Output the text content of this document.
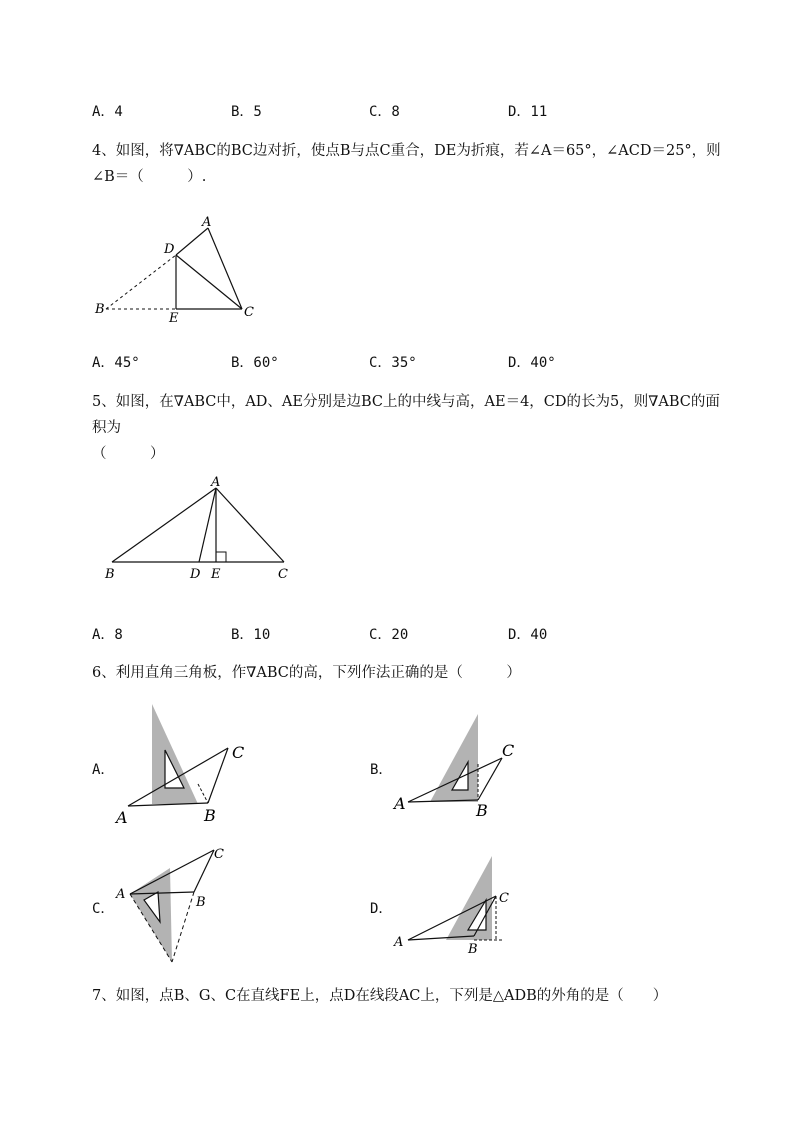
A．4	B．5	C．8	D．11
4、如图，将∇ABC的BC边对折，使点B与点C重合，DE为折痕，若∠A＝65°，∠ACD＝25°，则
∠B＝（　　　）.
A
D
B
E	C
A．45°	B．60°	C．35°	D．40°
5、如图，在∇ABC中，AD、AE分别是边BC上的中线与高，AE＝4，CD的长为5，则∇ABC的面积为
（　　　）
A
B	D E	C
A．8	B．10	C．20	D．40
6、利用直角三角板，作∇ABC的高，下列作法正确的是（　　　）
A．
A	B
C
B．
A	B
C
C．
A
B
C
D．
A	B
C
7、如图，点B、G、C在直线FE上，点D在线段AC上，下列是△ADB的外角的是（　　）
